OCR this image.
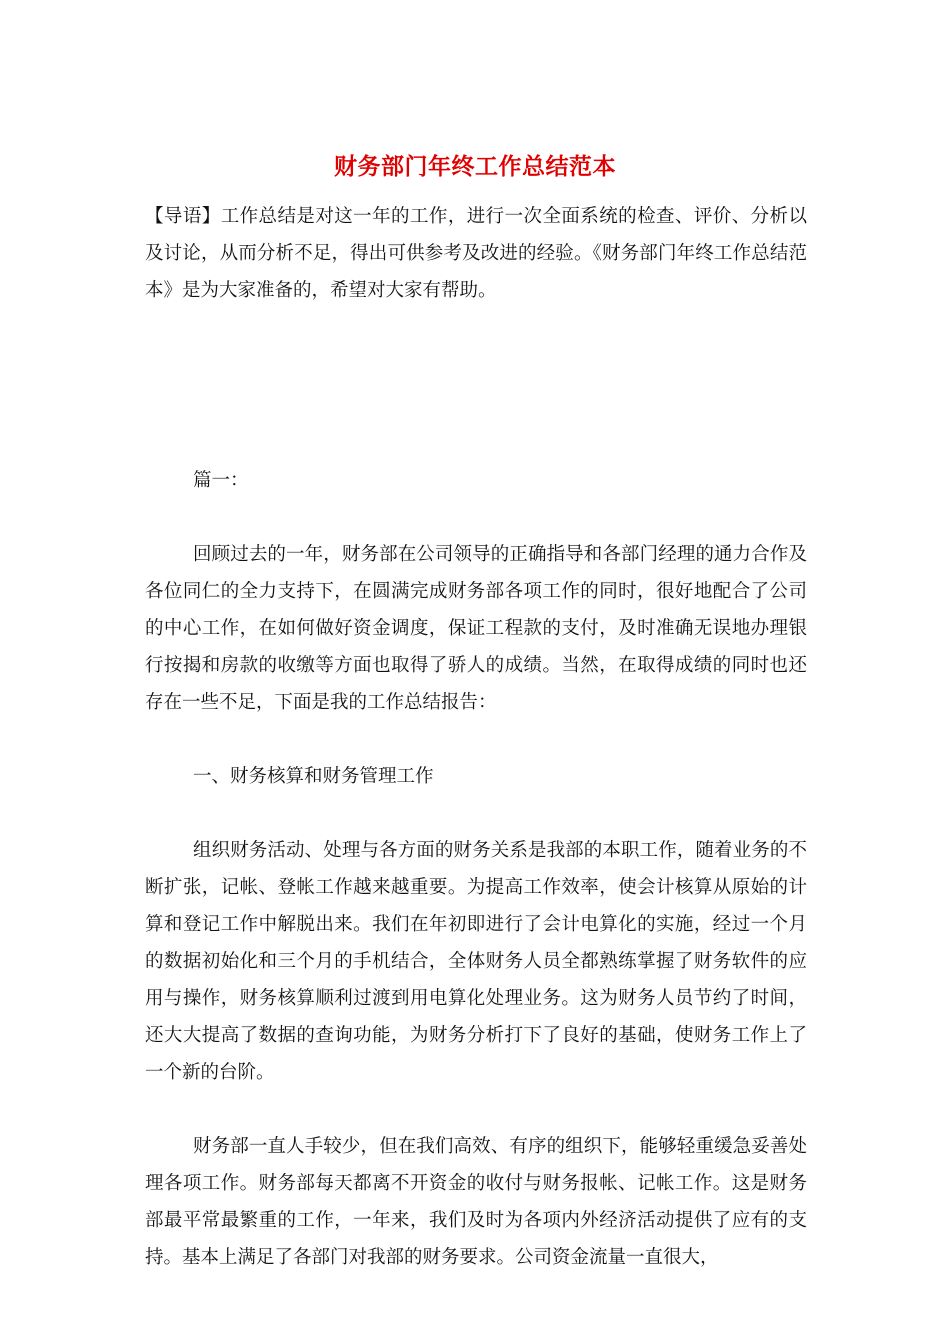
财务部门年终工作总结范本

【导语】工作总结是对这一年的工作，进行一次全面系统的检查、评价、分析以及讨论，从而分析不足，得出可供参考及改进的经验。《财务部门年终工作总结范本》是为大家准备的，希望对大家有帮助。

篇一：

回顾过去的一年，财务部在公司领导的正确指导和各部门经理的通力合作及各位同仁的全力支持下，在圆满完成财务部各项工作的同时，很好地配合了公司的中心工作，在如何做好资金调度，保证工程款的支付，及时准确无误地办理银行按揭和房款的收缴等方面也取得了骄人的成绩。当然，在取得成绩的同时也还存在一些不足，下面是我的工作总结报告：

一、财务核算和财务管理工作

组织财务活动、处理与各方面的财务关系是我部的本职工作，随着业务的不断扩张，记帐、登帐工作越来越重要。为提高工作效率，使会计核算从原始的计算和登记工作中解脱出来。我们在年初即进行了会计电算化的实施，经过一个月的数据初始化和三个月的手机结合，全体财务人员全都熟练掌握了财务软件的应用与操作，财务核算顺利过渡到用电算化处理业务。这为财务人员节约了时间，还大大提高了数据的查询功能，为财务分析打下了良好的基础，使财务工作上了一个新的台阶。

财务部一直人手较少，但在我们高效、有序的组织下，能够轻重缓急妥善处理各项工作。财务部每天都离不开资金的收付与财务报帐、记帐工作。这是财务部最平常最繁重的工作，一年来，我们及时为各项内外经济活动提供了应有的支持。基本上满足了各部门对我部的财务要求。公司资金流量一直很大，
